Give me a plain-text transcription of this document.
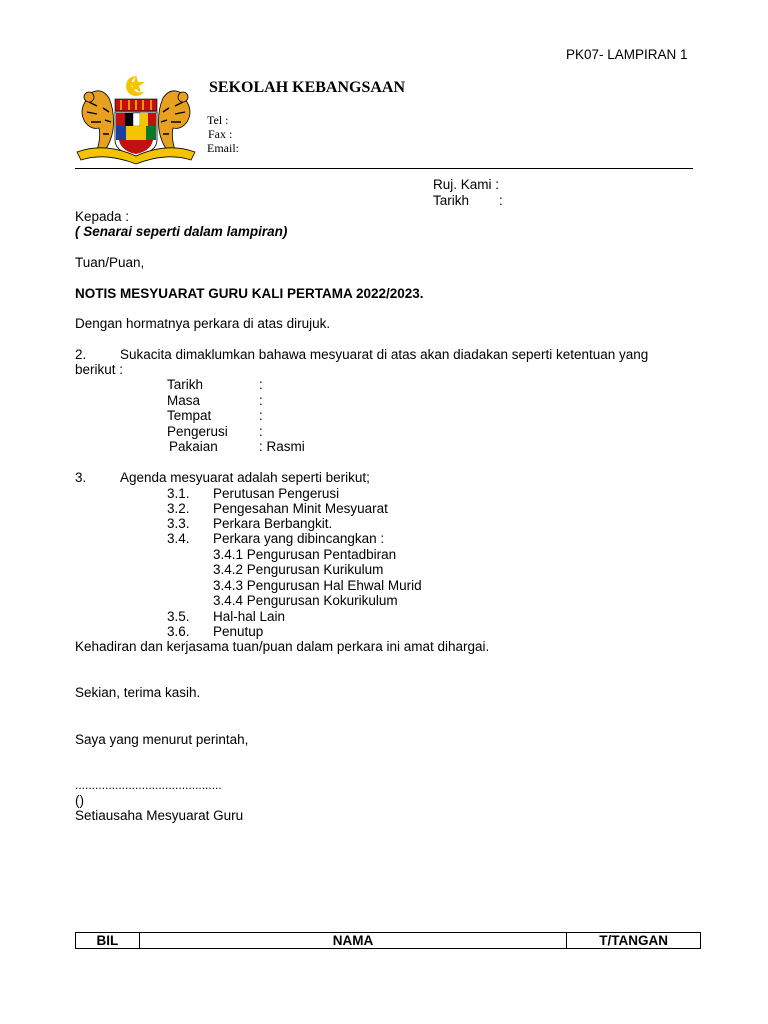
PK07- LAMPIRAN 1
SEKOLAH KEBANGSAAN
Tel :
Fax :
Email:
Ruj. Kami :
Tarikh :
Kepada :
( Senarai seperti dalam lampiran)
Tuan/Puan,
NOTIS MESYUARAT GURU KALI PERTAMA 2022/2023.
Dengan hormatnya perkara di atas dirujuk.
2. Sukacita dimaklumkan bahawa mesyuarat di atas akan diadakan seperti ketentuan yang
berikut :
Tarikh	:
Masa	:
Tempat	:
Pengerusi :
Pakaian	: Rasmi
3. Agenda mesyuarat adalah seperti berikut;
3.1. Perutusan Pengerusi
3.2. Pengesahan Minit Mesyuarat
3.3. Perkara Berbangkit.
3.4. Perkara yang dibincangkan :
3.4.1 Pengurusan Pentadbiran
3.4.2 Pengurusan Kurikulum
3.4.3 Pengurusan Hal Ehwal Murid
3.4.4 Pengurusan Kokurikulum
3.5. Hal-hal Lain
3.6. Penutup
Kehadiran dan kerjasama tuan/puan dalam perkara ini amat dihargai.
Sekian, terima kasih.
Saya yang menurut perintah,
............................................
()
Setiausaha Mesyuarat Guru
BIL	NAMA	T/TANGAN
